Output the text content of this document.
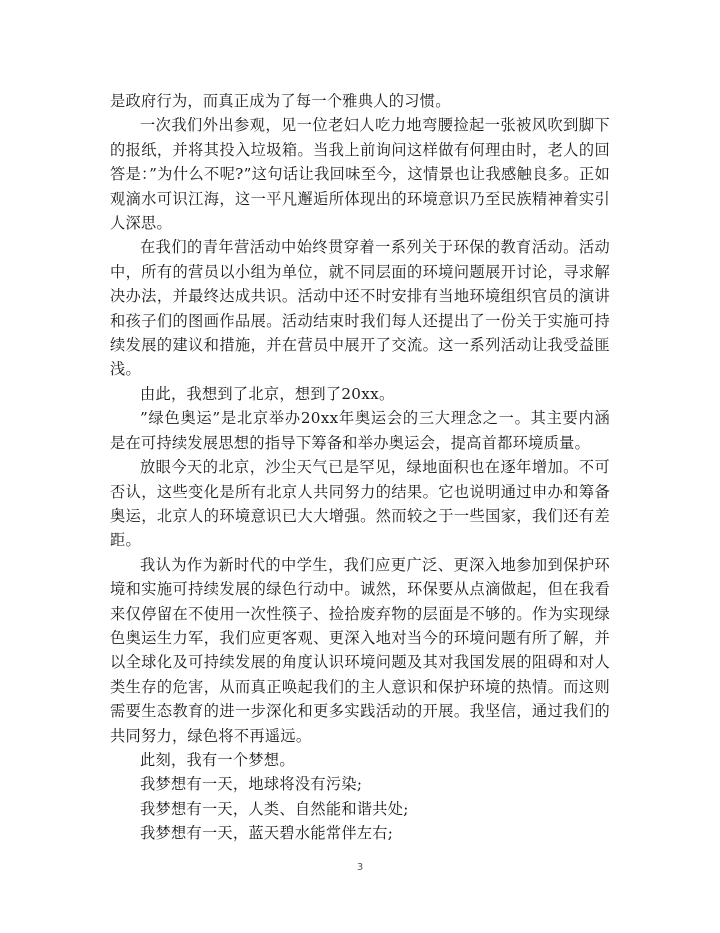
是政府行为，而真正成为了每一个雅典人的习惯。

一次我们外出参观，见一位老妇人吃力地弯腰捡起一张被风吹到脚下的报纸，并将其投入垃圾箱。当我上前询问这样做有何理由时，老人的回答是：”为什么不呢?”这句话让我回味至今，这情景也让我感触良多。正如观滴水可识江海，这一平凡邂逅所体现出的环境意识乃至民族精神着实引人深思。

在我们的青年营活动中始终贯穿着一系列关于环保的教育活动。活动中，所有的营员以小组为单位，就不同层面的环境问题展开讨论，寻求解决办法，并最终达成共识。活动中还不时安排有当地环境组织官员的演讲和孩子们的图画作品展。活动结束时我们每人还提出了一份关于实施可持续发展的建议和措施，并在营员中展开了交流。这一系列活动让我受益匪浅。

由此，我想到了北京，想到了20xx。

”绿色奥运”是北京举办20xx年奥运会的三大理念之一。其主要内涵是在可持续发展思想的指导下筹备和举办奥运会，提高首都环境质量。

放眼今天的北京，沙尘天气已是罕见，绿地面积也在逐年增加。不可否认，这些变化是所有北京人共同努力的结果。它也说明通过申办和筹备奥运，北京人的环境意识已大大增强。然而较之于一些国家，我们还有差距。

我认为作为新时代的中学生，我们应更广泛、更深入地参加到保护环境和实施可持续发展的绿色行动中。诚然，环保要从点滴做起，但在我看来仅停留在不使用一次性筷子、捡拾废弃物的层面是不够的。作为实现绿色奥运生力军，我们应更客观、更深入地对当今的环境问题有所了解，并以全球化及可持续发展的角度认识环境问题及其对我国发展的阻碍和对人类生存的危害，从而真正唤起我们的主人意识和保护环境的热情。而这则需要生态教育的进一步深化和更多实践活动的开展。我坚信，通过我们的共同努力，绿色将不再遥远。

此刻，我有一个梦想。

我梦想有一天，地球将没有污染;

我梦想有一天，人类、自然能和谐共处;

我梦想有一天，蓝天碧水能常伴左右;

3
